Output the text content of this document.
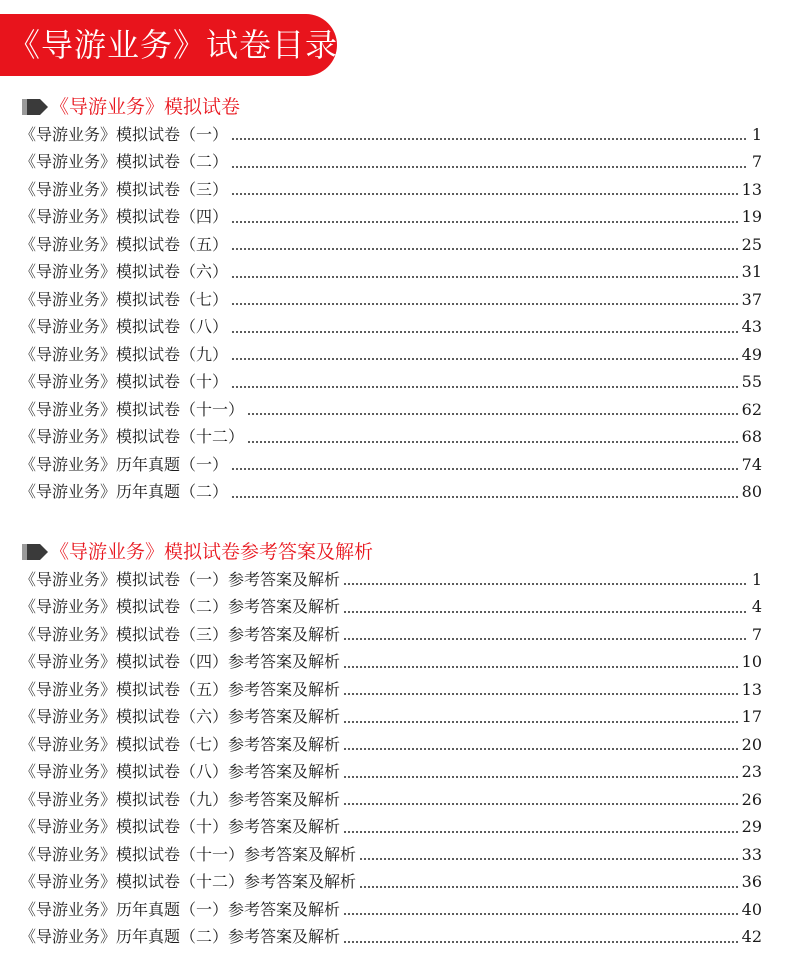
《导游业务》试卷目录
《导游业务》模拟试卷
《导游业务》模拟试卷（一）	1
《导游业务》模拟试卷（二）	7
《导游业务》模拟试卷（三）	13
《导游业务》模拟试卷（四）	19
《导游业务》模拟试卷（五）	25
《导游业务》模拟试卷（六）	31
《导游业务》模拟试卷（七）	37
《导游业务》模拟试卷（八）	43
《导游业务》模拟试卷（九）	49
《导游业务》模拟试卷（十）	55
《导游业务》模拟试卷（十一）	62
《导游业务》模拟试卷（十二）	68
《导游业务》历年真题（一）	74
《导游业务》历年真题（二）	80
《导游业务》模拟试卷参考答案及解析
《导游业务》模拟试卷（一）参考答案及解析	1
《导游业务》模拟试卷（二）参考答案及解析	4
《导游业务》模拟试卷（三）参考答案及解析	7
《导游业务》模拟试卷（四）参考答案及解析	10
《导游业务》模拟试卷（五）参考答案及解析	13
《导游业务》模拟试卷（六）参考答案及解析	17
《导游业务》模拟试卷（七）参考答案及解析	20
《导游业务》模拟试卷（八）参考答案及解析	23
《导游业务》模拟试卷（九）参考答案及解析	26
《导游业务》模拟试卷（十）参考答案及解析	29
《导游业务》模拟试卷（十一）参考答案及解析	33
《导游业务》模拟试卷（十二）参考答案及解析	36
《导游业务》历年真题（一）参考答案及解析	40
《导游业务》历年真题（二）参考答案及解析	42
